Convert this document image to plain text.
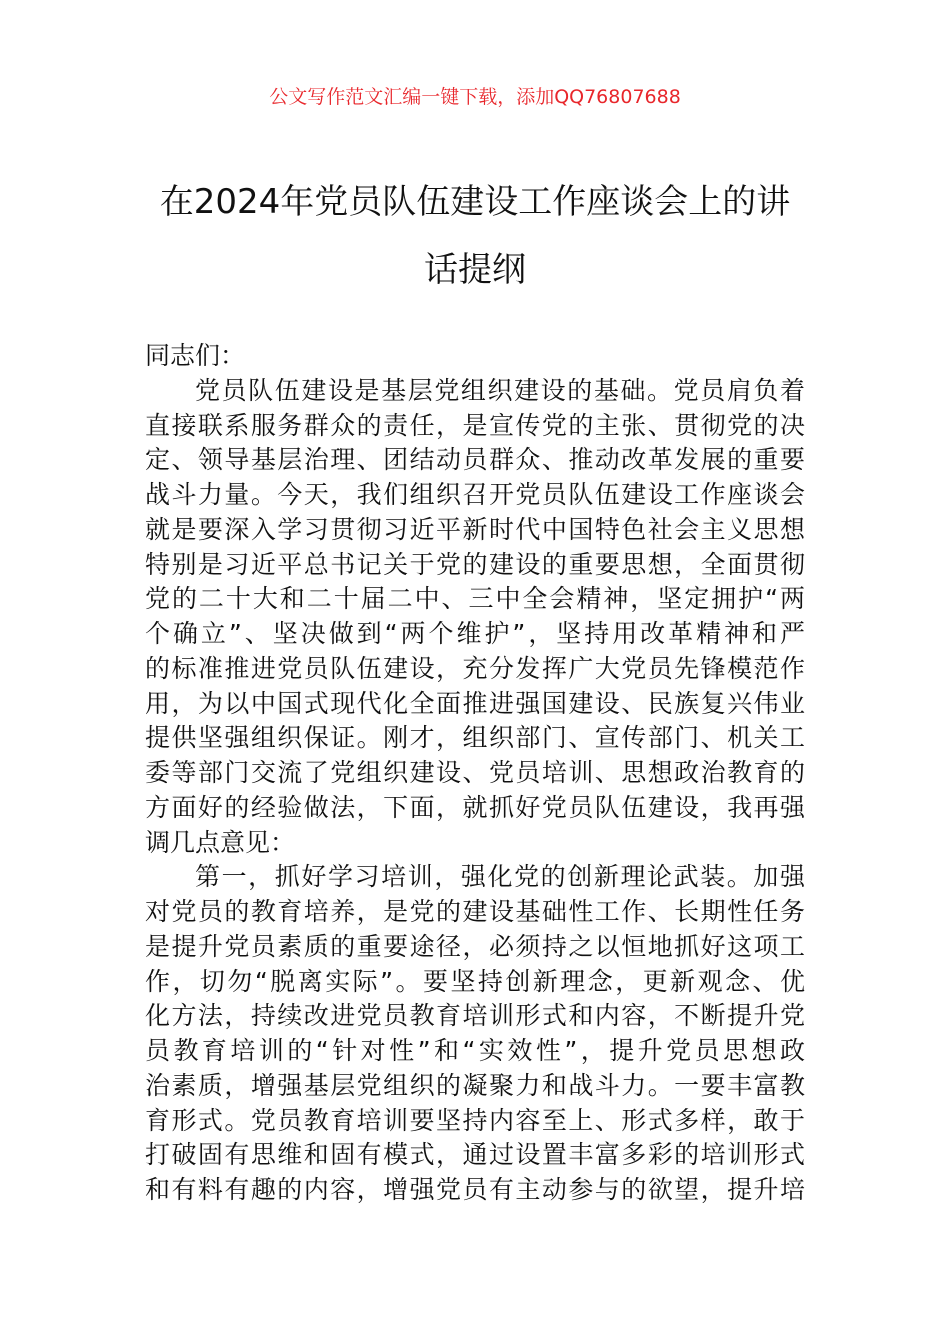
公文写作范文汇编一键下载，添加QQ76807688
在2024年党员队伍建设工作座谈会上的讲
话提纲
同志们：
党员队伍建设是基层党组织建设的基础。党员肩负着
直接联系服务群众的责任，是宣传党的主张、贯彻党的决
定、领导基层治理、团结动员群众、推动改革发展的重要
战斗力量。今天，我们组织召开党员队伍建设工作座谈会
就是要深入学习贯彻习近平新时代中国特色社会主义思想
特别是习近平总书记关于党的建设的重要思想，全面贯彻
党的二十大和二十届二中、三中全会精神，坚定拥护“两
个确立”、坚决做到“两个维护”，坚持用改革精神和严
的标准推进党员队伍建设，充分发挥广大党员先锋模范作
用，为以中国式现代化全面推进强国建设、民族复兴伟业
提供坚强组织保证。刚才，组织部门、宣传部门、机关工
委等部门交流了党组织建设、党员培训、思想政治教育的
方面好的经验做法，下面，就抓好党员队伍建设，我再强
调几点意见：
第一，抓好学习培训，强化党的创新理论武装。加强
对党员的教育培养，是党的建设基础性工作、长期性任务
是提升党员素质的重要途径，必须持之以恒地抓好这项工
作，切勿“脱离实际”。要坚持创新理念，更新观念、优
化方法，持续改进党员教育培训形式和内容，不断提升党
员教育培训的“针对性”和“实效性”，提升党员思想政
治素质，增强基层党组织的凝聚力和战斗力。一要丰富教
育形式。党员教育培训要坚持内容至上、形式多样，敢于
打破固有思维和固有模式，通过设置丰富多彩的培训形式
和有料有趣的内容，增强党员有主动参与的欲望，提升培
